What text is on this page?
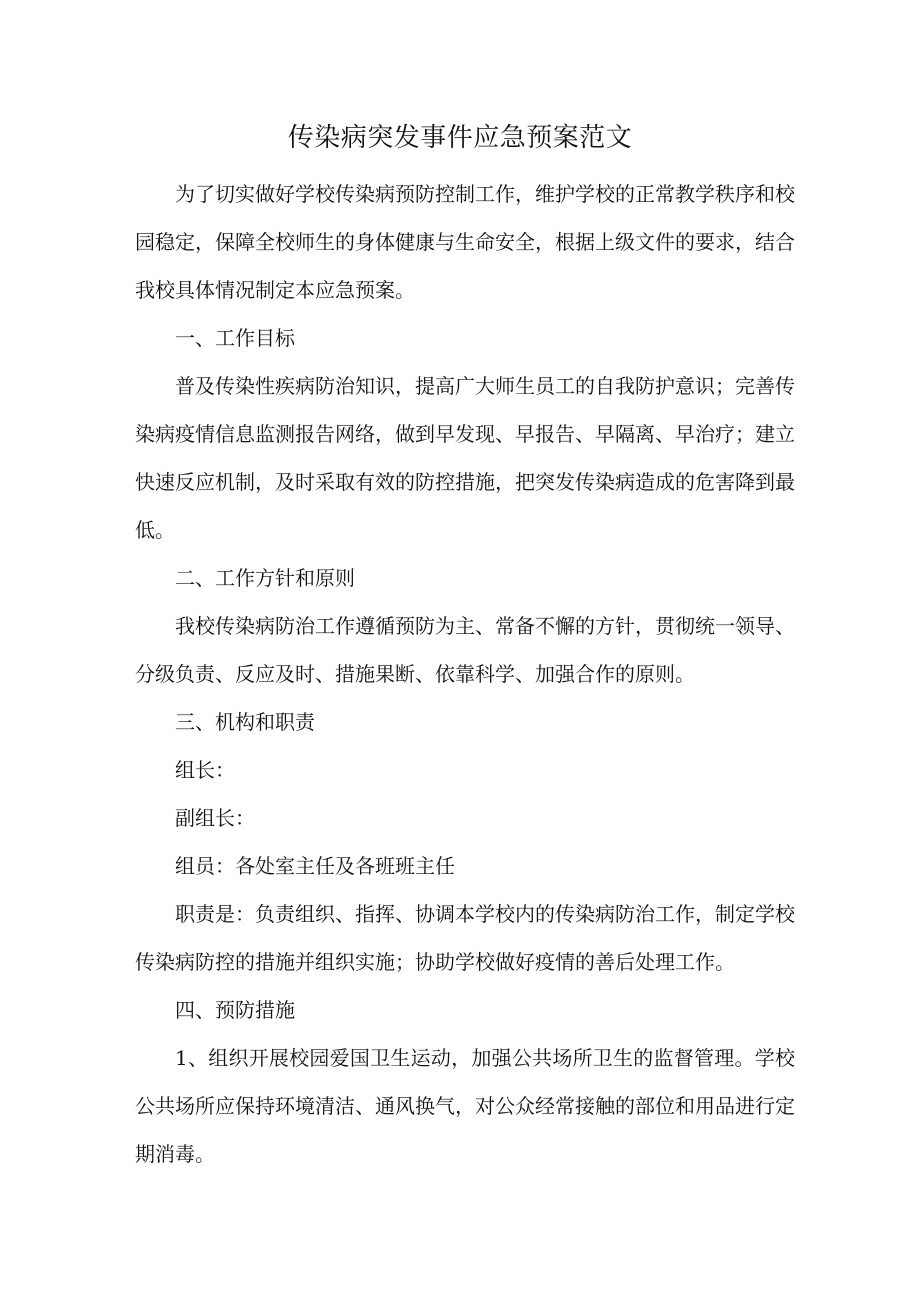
传染病突发事件应急预案范文

为了切实做好学校传染病预防控制工作，维护学校的正常教学秩序和校园稳定，保障全校师生的身体健康与生命安全，根据上级文件的要求，结合我校具体情况制定本应急预案。

一、工作目标

普及传染性疾病防治知识，提高广大师生员工的自我防护意识；完善传染病疫情信息监测报告网络，做到早发现、早报告、早隔离、早治疗；建立快速反应机制，及时采取有效的防控措施，把突发传染病造成的危害降到最低。

二、工作方针和原则

我校传染病防治工作遵循预防为主、常备不懈的方针，贯彻统一领导、分级负责、反应及时、措施果断、依靠科学、加强合作的原则。

三、机构和职责

组长：

副组长：

组员：各处室主任及各班班主任

职责是：负责组织、指挥、协调本学校内的传染病防治工作，制定学校传染病防控的措施并组织实施；协助学校做好疫情的善后处理工作。

四、预防措施

1、组织开展校园爱国卫生运动，加强公共场所卫生的监督管理。学校公共场所应保持环境清洁、通风换气，对公众经常接触的部位和用品进行定期消毒。
